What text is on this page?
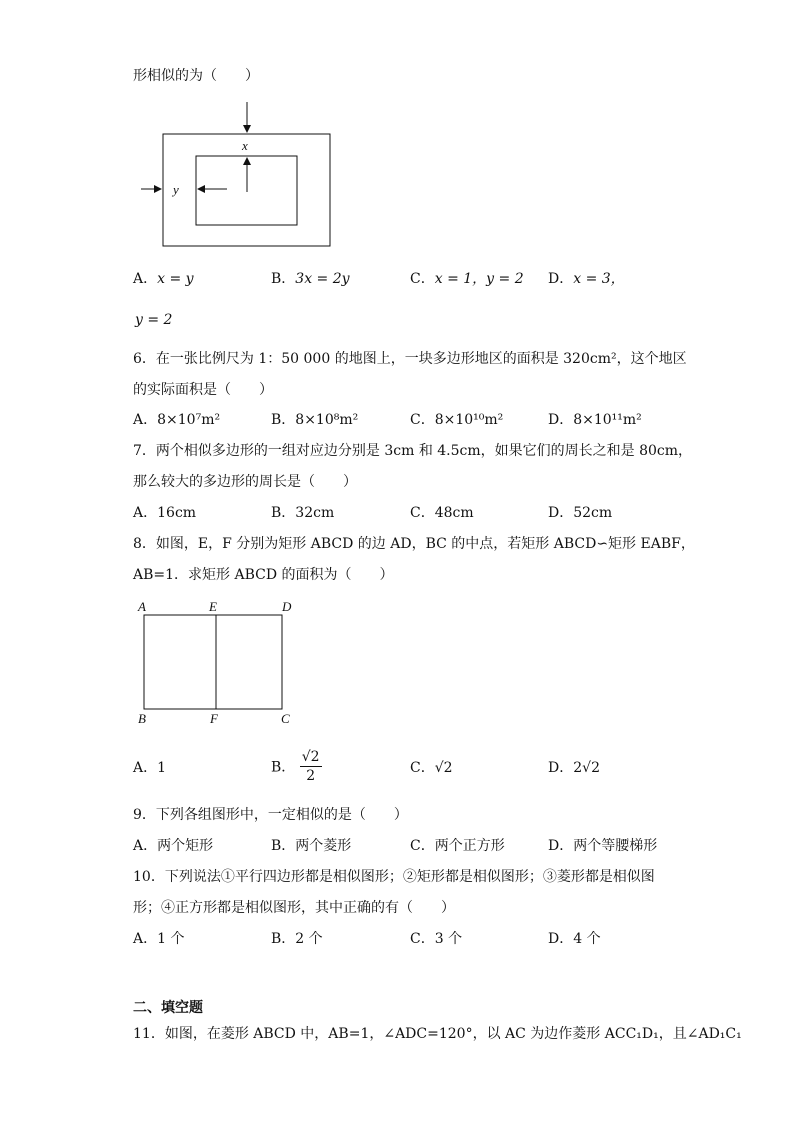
形相似的为（　　）
x
y
A．x = y	B．3x = 2y	C．x = 1，y = 2 D．x = 3，
y = 2
6．在一张比例尺为 1：50 000 的地图上，一块多边形地区的面积是 320cm²，这个地区
的实际面积是（　　）
A．8×10⁷m²	B．8×10⁸m²	C．8×10¹⁰m²	D．8×10¹¹m²
7．两个相似多边形的一组对应边分别是 3cm 和 4.5cm，如果它们的周长之和是 80cm，
那么较大的多边形的周长是（　　）
A．16cm	B．32cm	C．48cm	D．52cm
8．如图，E，F 分别为矩形 ABCD 的边 AD，BC 的中点，若矩形 ABCD∽矩形 EABF，
AB=1．求矩形 ABCD 的面积为（　　）
A	E	D
B	F	C
A．1	B． $\frac{√2}{2}$	C．√2	D．2√2
9．下列各组图形中，一定相似的是（　　）
A．两个矩形	B．两个菱形	C．两个正方形	D．两个等腰梯形
10．下列说法①平行四边形都是相似图形；②矩形都是相似图形；③菱形都是相似图
形；④正方形都是相似图形，其中正确的有（　　）
A．1 个	B．2 个	C．3 个	D．4 个
二、填空题
11．如图，在菱形 ABCD 中，AB=1，∠ADC=120°，以 AC 为边作菱形 ACC₁D₁，且∠AD₁C₁
